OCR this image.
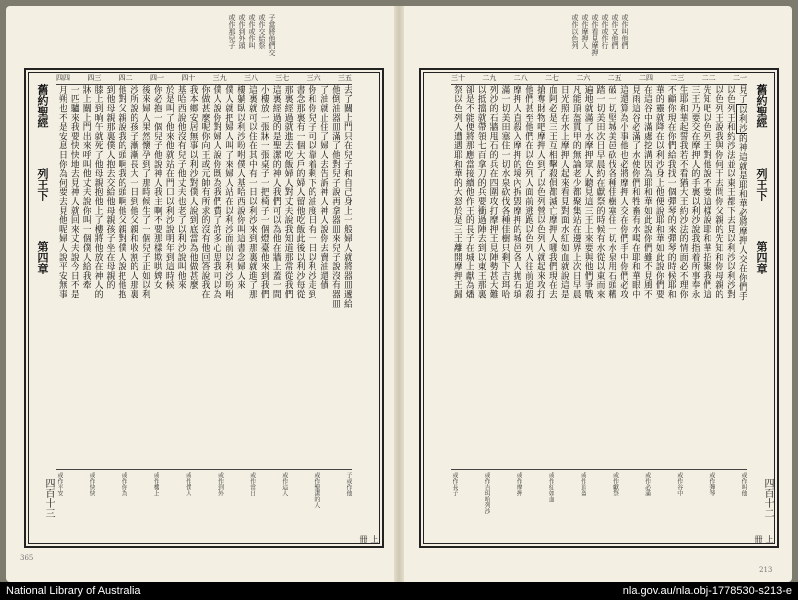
子當將他們交
或作交給祭
或作或作叫
或作到外頭
或作那兒子
三五
三六
三七
三八
三九
四十
四一
四二
四三
四四
舊約聖經
列王下
第四章	去了關上門只在兒子和自己身上一般婦人就將器皿遞給
他倒油器皿滿了他對兒子說再拿器皿來兒子說沒有器皿
了油就止住了婦人去告訴神人神人說你去賣油還債
你和你兒子可以靠着剩下的油度日有一日以利沙走到
書念那裏有一個大戶的婦人留他吃飯此後以利沙每從
那裏經過就進去吃飯婦人對丈夫說我知道那常從我們
這裏經過的是聖潔的神人我們可以為他在牆上蓋一間
小樓放一張牀一張桌子一把椅子一個燈臺他來到我們
這裏就可以住在其中有一日以利沙來到那裏就進了那
樓躺臥以利沙吩咐僕人基哈西說你叫這書念婦人來
僕人就把婦人叫了來婦人站在以利沙面前以利沙吩咐
僕人說你對婦人說你既為我們費了許多心思我可以為
你做甚麼呢你向王或元帥有所求的沒有他回答說我在
我本鄉安居無事以利沙對僕人說到底當為他做甚麼
基哈西說他沒有兒子他丈夫也老了以利沙說叫他來
於是叫了他來他就站在門口以利沙說明年到這時候
你必抱一個兒子他說神人我主啊不要那樣欺哄婢女
後來婦人果然懷孕到了那時候生了一個兒子正如以利
沙所說的孩子漸漸長大一日到他父親和收割的人那裏
他對父親說我的頭啊我的頭啊他父親對僕人說把他抱
到他母親那裏僕人抱去交給他母親孩子坐在母親的
膝上到晌午就死了他母親抱他上了樓將他放在神人的
牀上關上門出來呼叫他丈夫說你叫一個僕人給我牽
一匹驢來我要快快地去見神人就回來丈夫說今日不是
月朔也不是安息日你為何要去見他呢婦人說平安無事
四百十三	子或作他
或作聖潔的人
或作這人
或作當日
或作到外
或作僕人
或作樓上
或作你為
或作快快
或作平安
上冊
365
或作叫他們
或作又他們
或作或作行
或作看見摩押
或作摩押人
或作以色列
二一
二二
二三
二四
二五
二六
二七
二八
二九
三十
舊約聖經
列王下
第四章
見了以利沙的神這就是耶和華必將摩押人交在你們手
以色列王和約沙法並以東王都下去見以利沙以利沙對
以色列王說我與你何干去問你父親的先知和你母親的
先知吧以色列王對他說不要這樣說耶和華招聚我們這
三王乃要交在摩押人的手裏以利沙說我指着所事奉永
生耶和華起誓我若不看猶大王約沙法的情面必不理你
不顧你現在你們給我找一個彈琴的來彈琴的時候耶和
華的靈就降在以利沙身上他便說耶和華如此說你們要
在這谷中滿處挖溝因為耶和華如此說你們雖不見風不
見雨這谷必滿了水使你們和牲畜有水喝在耶和華眼中
這還算為小事他也必將摩押人交在你們手中你們必攻
破一切堅城美邑砍伐各種佳樹塞住一切水泉用石頭糟
踏一切美田次日早晨約在獻祭的時候有水從以東而來
遍地就滿了水摩押眾人聽見這三王上來要與他們爭戰
凡能頂盔貫甲的無論老少都聚集站在邊界上次日早晨
日光照在水上摩押人起來看見對面水紅如血就說這是
血阿必是三王互相擊殺俱都滅亡摩押人哪我們現在去
搶奪財物吧摩押人到了以色列營以色列人就起來攻打
他們甚至他們在以色列人面前逃跑以色列人往前追殺
摩押人直殺入摩押的境內拆毀摩押的城邑各人拋石填
滿一切美田塞住一切水泉砍伐各種佳樹只剩下吉珥哈
列沙的石牆甩石的兵在四圍攻打摩押王見陣勢甚大難
以抵擋就帶領七百拿刀的兵要衝過陣去到以東王那裏
卻是不能便將那應當接續他作王的長子在城上獻為燔
祭以色列人遭遇耶和華的大怒於是三王離開摩押王歸
四百十二
或作叫他
或作彈琴
或作谷中
或作必滿
或作獻祭
或作頂盔
或作紅如血
或作摩押
或作吉珥哈列沙
或作長子
上冊
213
National Library of Australia	nla.gov.au/nla.obj-1778530-s213-e
